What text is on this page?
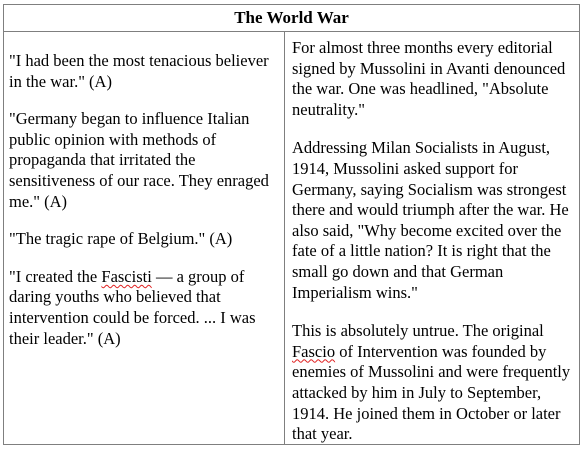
The World War

"I had been the most tenacious believer in the war." (A)

"Germany began to influence Italian public opinion with methods of propaganda that irritated the sensitiveness of our race. They enraged me." (A)

"The tragic rape of Belgium." (A)

"I created the Fascisti — a group of daring youths who believed that intervention could be forced. ... I was their leader." (A)

For almost three months every editorial signed by Mussolini in Avanti denounced the war. One was headlined, "Absolute neutrality."

Addressing Milan Socialists in August, 1914, Mussolini asked support for Germany, saying Socialism was strongest there and would triumph after the war. He also said, "Why become excited over the fate of a little nation? It is right that the small go down and that German Imperialism wins."

This is absolutely untrue. The original Fascio of Intervention was founded by enemies of Mussolini and were frequently attacked by him in July to September, 1914. He joined them in October or later that year.
